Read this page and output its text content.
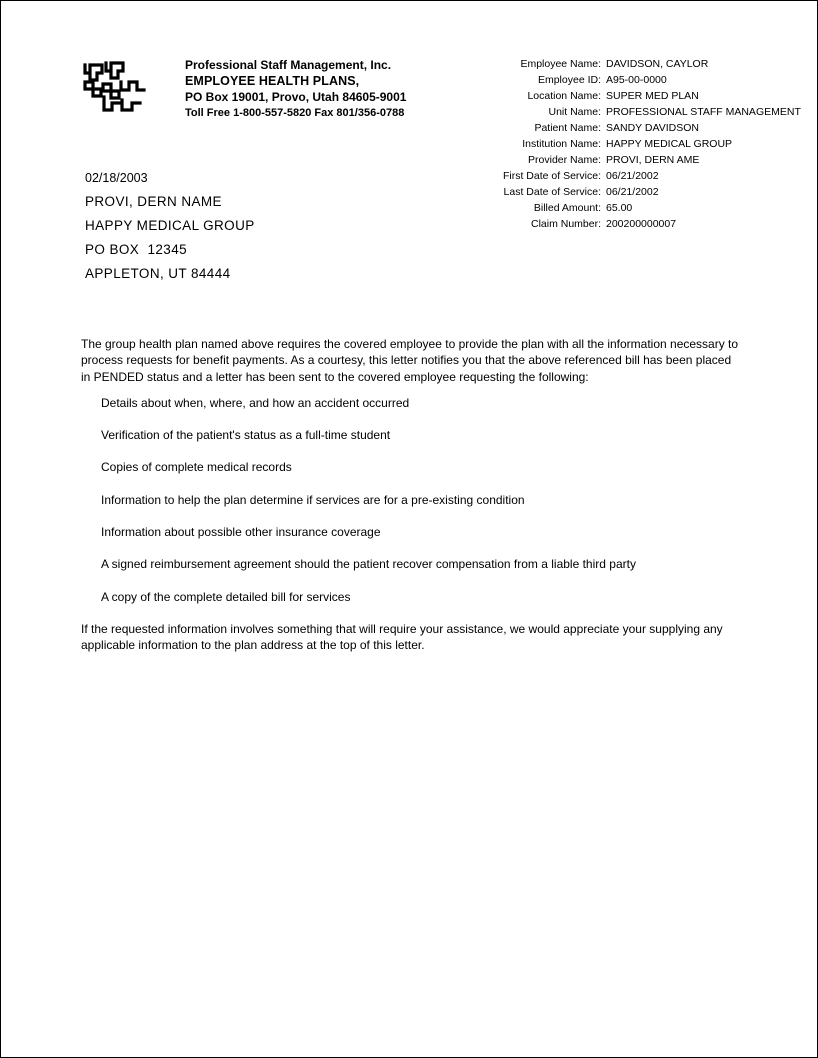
Professional Staff Management, Inc.
EMPLOYEE HEALTH PLANS,
PO Box 19001, Provo, Utah 84605-9001
Toll Free 1-800-557-5820 Fax 801/356-0788
Employee Name: DAVIDSON, CAYLOR
Employee ID: A95-00-0000
Location Name: SUPER MED PLAN
Unit Name: PROFESSIONAL STAFF MANAGEMENT
Patient Name: SANDY DAVIDSON
Institution Name: HAPPY MEDICAL GROUP
Provider Name: PROVI, DERN AME
First Date of Service: 06/21/2002
Last Date of Service: 06/21/2002
Billed Amount: 65.00
Claim Number: 200200000007
02/18/2003
PROVI, DERN NAME
HAPPY MEDICAL GROUP
PO BOX  12345
APPLETON, UT 84444

The group health plan named above requires the covered employee to provide the plan with all the information necessary to process requests for benefit payments. As a courtesy, this letter notifies you that the above referenced bill has been placed in PENDED status and a letter has been sent to the covered employee requesting the following:

Details about when, where, and how an accident occurred
Verification of the patient's status as a full-time student
Copies of complete medical records
Information to help the plan determine if services are for a pre-existing condition
Information about possible other insurance coverage
A signed reimbursement agreement should the patient recover compensation from a liable third party
A copy of the complete detailed bill for services

If the requested information involves something that will require your assistance, we would appreciate your supplying any applicable information to the plan address at the top of this letter.
